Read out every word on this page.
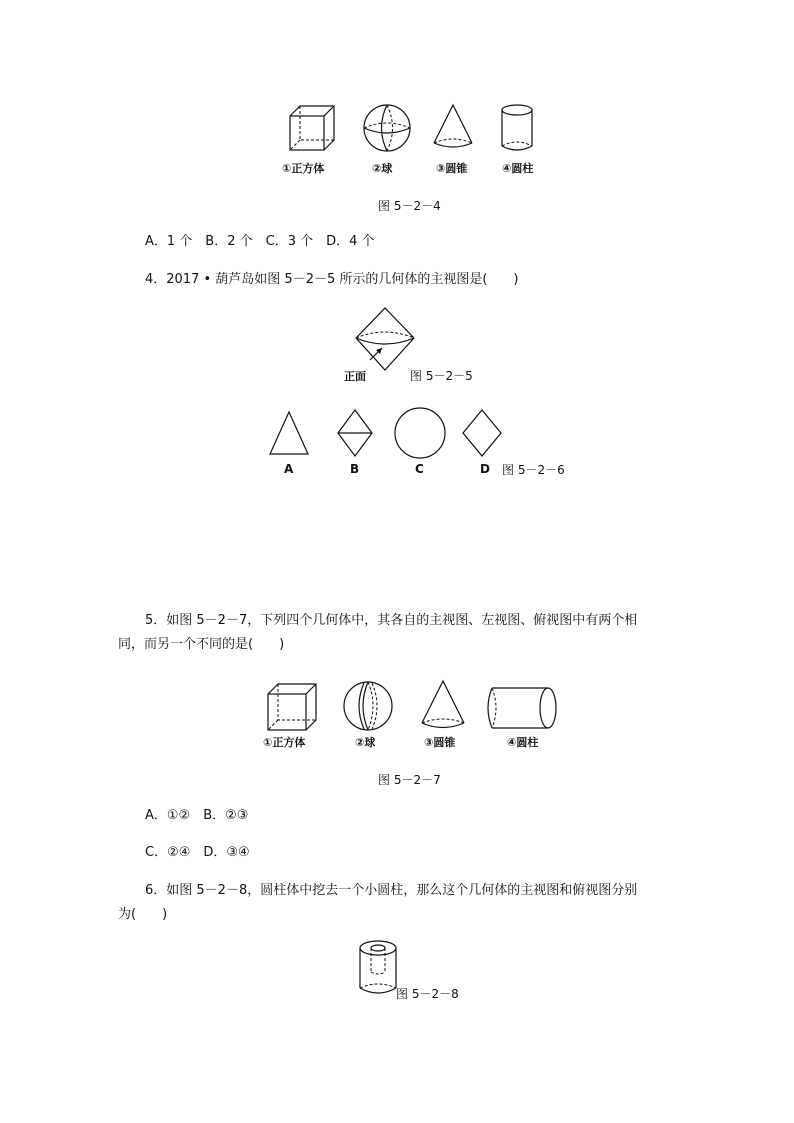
①正方体	②球	③圆锥	④圆柱
图 5－2－4
A．1 个　B．2 个　C．3 个　D．4 个
4．2017 • 葫芦岛如图 5－2－5 所示的几何体的主视图是(　　)
正面	图 5－2－5
A	B	C	D 图 5－2－6
5．如图 5－2－7，下列四个几何体中，其各自的主视图、左视图、俯视图中有两个相
同，而另一个不同的是(　　)
①正方体	②球	③圆锥	④圆柱
图 5－2－7
A．①②　B．②③
C．②④　D．③④
6．如图 5－2－8，圆柱体中挖去一个小圆柱，那么这个几何体的主视图和俯视图分别
为(　　)
图 5－2－8
